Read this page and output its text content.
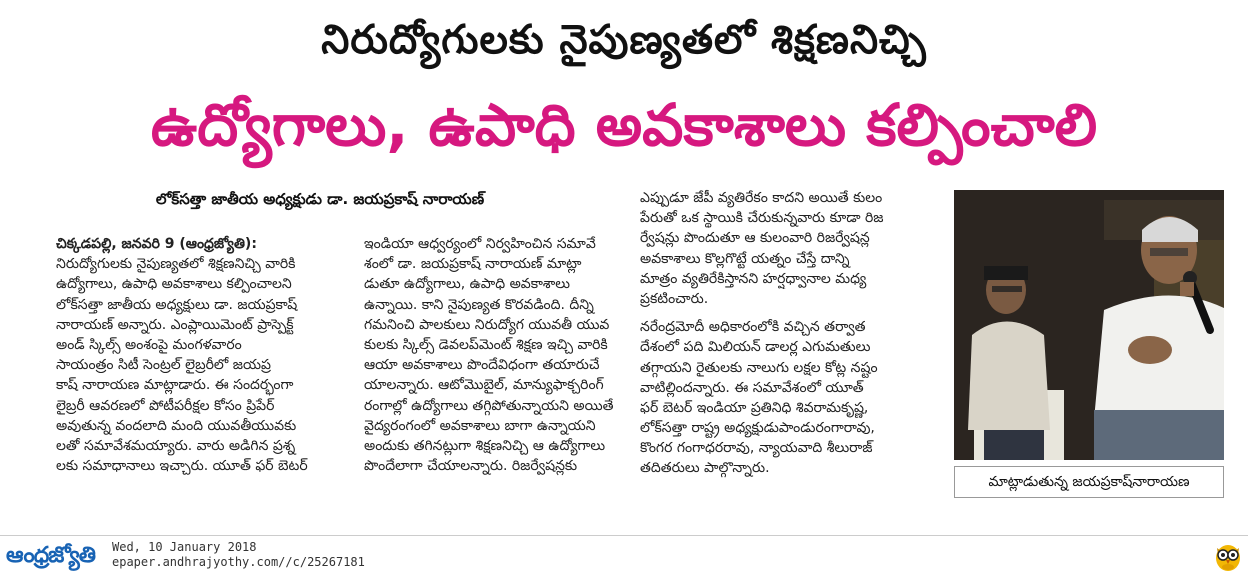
నిరుద్యోగులకు నైపుణ్యతలో శిక్షణనిచ్చి
ఉద్యోగాలు, ఉపాధి అవకాశాలు కల్పించాలి
లోక్‌సత్తా జాతీయ అధ్యక్షుడు డా. జయప్రకాష్ నారాయణ్
చిక్కడపల్లి, జనవరి 9 (ఆంధ్రజ్యోతి):
నిరుద్యోగులకు నైపుణ్యతలో శిక్షణనిచ్చి వారికి
ఉద్యోగాలు, ఉపాధి అవకాశాలు కల్పించాలని
లోక్‌సత్తా జాతీయ అధ్యక్షులు డా. జయప్రకాష్
నారాయణ్ అన్నారు. ఎంప్లాయిమెంట్ ప్రాస్పెక్ట్
అండ్ స్కిల్స్ అంశంపై మంగళవారం
సాయంత్రం సిటీ సెంట్రల్ లైబ్రరీలో జయప్ర
కాష్ నారాయణ మాట్లాడారు. ఈ సందర్భంగా
లైబ్రరీ ఆవరణలో పోటీపరీక్షల కోసం ప్రిపేర్
అవుతున్న వందలాది మంది యువతీయువకు
లతో సమావేశమయ్యారు. వారు అడిగిన ప్రశ్న
లకు సమాధానాలు ఇచ్చారు. యూత్ ఫర్ బెటర్
ఇండియా ఆధ్వర్యంలో నిర్వహించిన సమావే
శంలో డా. జయప్రకాష్ నారాయణ్ మాట్లా
డుతూ ఉద్యోగాలు, ఉపాధి అవకాశాలు
ఉన్నాయి. కాని నైపుణ్యత కొరవడింది. దీన్ని
గమనించి పాలకులు నిరుద్యోగ యువతీ యువ
కులకు స్కిల్స్ డెవలప్‌మెంట్ శిక్షణ ఇచ్చి వారికి
ఆయా అవకాశాలు పొందేవిధంగా తయారుచే
యాలన్నారు. ఆటోమొబైల్, మాన్యుఫాక్చరింగ్
రంగాల్లో ఉద్యోగాలు తగ్గిపోతున్నాయని అయితే
వైద్యరంగంలో అవకాశాలు బాగా ఉన్నాయని
అందుకు తగినట్లుగా శిక్షణనిచ్చి ఆ ఉద్యోగాలు
పొందేలాగా చేయాలన్నారు. రిజర్వేషన్లకు
ఎప్పుడూ జేపీ వ్యతిరేకం కాదని అయితే కులం
పేరుతో ఒక స్థాయికి చేరుకున్నవారు కూడా రిజ
ర్వేషన్లు పొందుతూ ఆ కులంవారి రిజర్వేషన్ల
అవకాశాలు కొల్లగొట్టే యత్నం చేస్తే దాన్ని
మాత్రం వ్యతిరేకిస్తానని హర్షధ్వానాల మధ్య
ప్రకటించారు.
నరేంద్రమోదీ అధికారంలోకి వచ్చిన తర్వాత
దేశంలో పది మిలియన్ డాలర్ల ఎగుమతులు
తగ్గాయని రైతులకు నాలుగు లక్షల కోట్ల నష్టం
వాటిల్లిందన్నారు. ఈ సమావేశంలో యూత్
ఫర్ బెటర్ ఇండియా ప్రతినిధి శివరామకృష్ణ,
లోక్‌సత్తా రాష్ట్ర అధ్యక్షుడుపాండురంగారావు,
కొంగర గంగాధరరావు, న్యాయవాది శీలురాజ్
తదితరులు పాల్గొన్నారు.
మాట్లాడుతున్న జయప్రకాష్‌నారాయణ
ఆంధ్రజ్యోతి Wed, 10 January 2018
epaper.andhrajyothy.com//c/25267181
